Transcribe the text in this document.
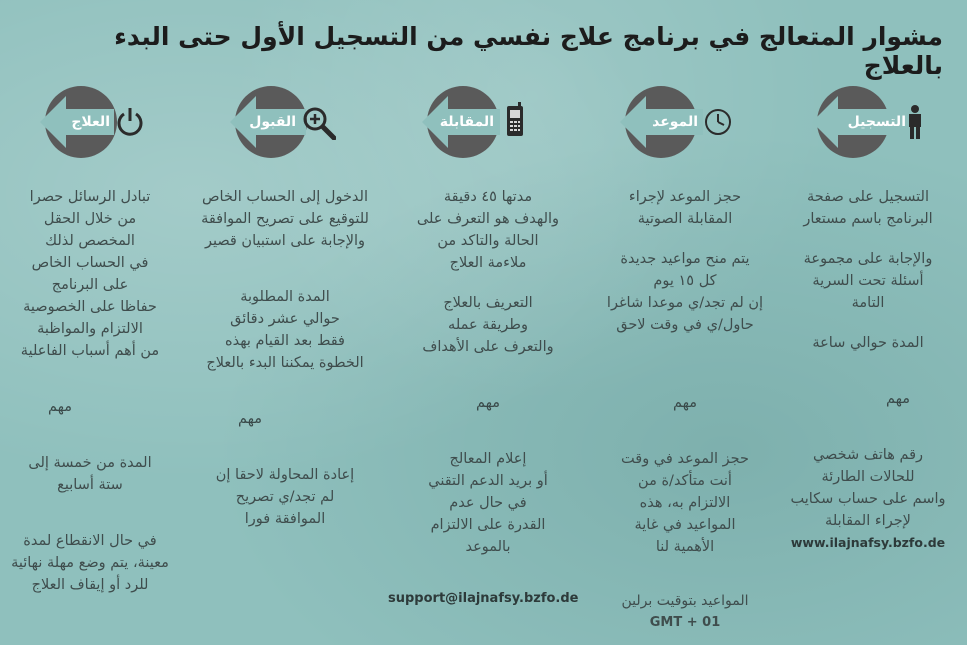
مشوار المتعالج في برنامج علاج نفسي من التسجيل الأول حتى البدء بالعلاج
التسجيل
الموعد
المقابلة
القبول
العلاج

التسجيل على صفحة

البرنامج باسم مستعار

والإجابة على مجموعة

أسئلة تحت السرية

التامة

المدة حوالي ساعة

مهم

رقم هاتف شخصي

للحالات الطارئة

واسم على حساب سكايب

لإجراء المقابلة

www.ilajnafsy.bzfo.de

حجز الموعد لإجراء

المقابلة الصوتية

يتم منح مواعيد جديدة

كل ١٥ يوم

إن لم تجد/ي موعدا شاغرا

حاول/ي في وقت لاحق

مهم

حجز الموعد في وقت

أنت متأكد/ة من

الالتزام به، هذه

المواعيد في غاية

الأهمية لنا

المواعيد بتوقيت برلين

GMT + 01

مدتها ٤٥ دقيقة

والهدف هو التعرف على

الحالة والتاكد من

ملاءمة العلاج

التعريف بالعلاج

وطريقة عمله

والتعرف على الأهداف

مهم

إعلام المعالج

أو بريد الدعم التقني

في حال عدم

القدرة على الالتزام

بالموعد

support@ilajnafsy.bzfo.de

الدخول إلى الحساب الخاص

للتوقيع على تصريح الموافقة

والإجابة على استبيان قصير

المدة المطلوبة

حوالي عشر دقائق

فقط بعد القيام بهذه

الخطوة يمكننا البدء بالعلاج

مهم

إعادة المحاولة لاحقا إن

لم تجد/ي تصريح

الموافقة فورا

تبادل الرسائل حصرا

من خلال الحقل

المخصص لذلك

في الحساب الخاص

على البرنامج

حفاظا على الخصوصية

الالتزام والمواظبة

من أهم أسباب الفاعلية

مهم

المدة من خمسة إلى

ستة أسابيع

في حال الانقطاع لمدة

معينة، يتم وضع مهلة نهائية

للرد أو إيقاف العلاج
